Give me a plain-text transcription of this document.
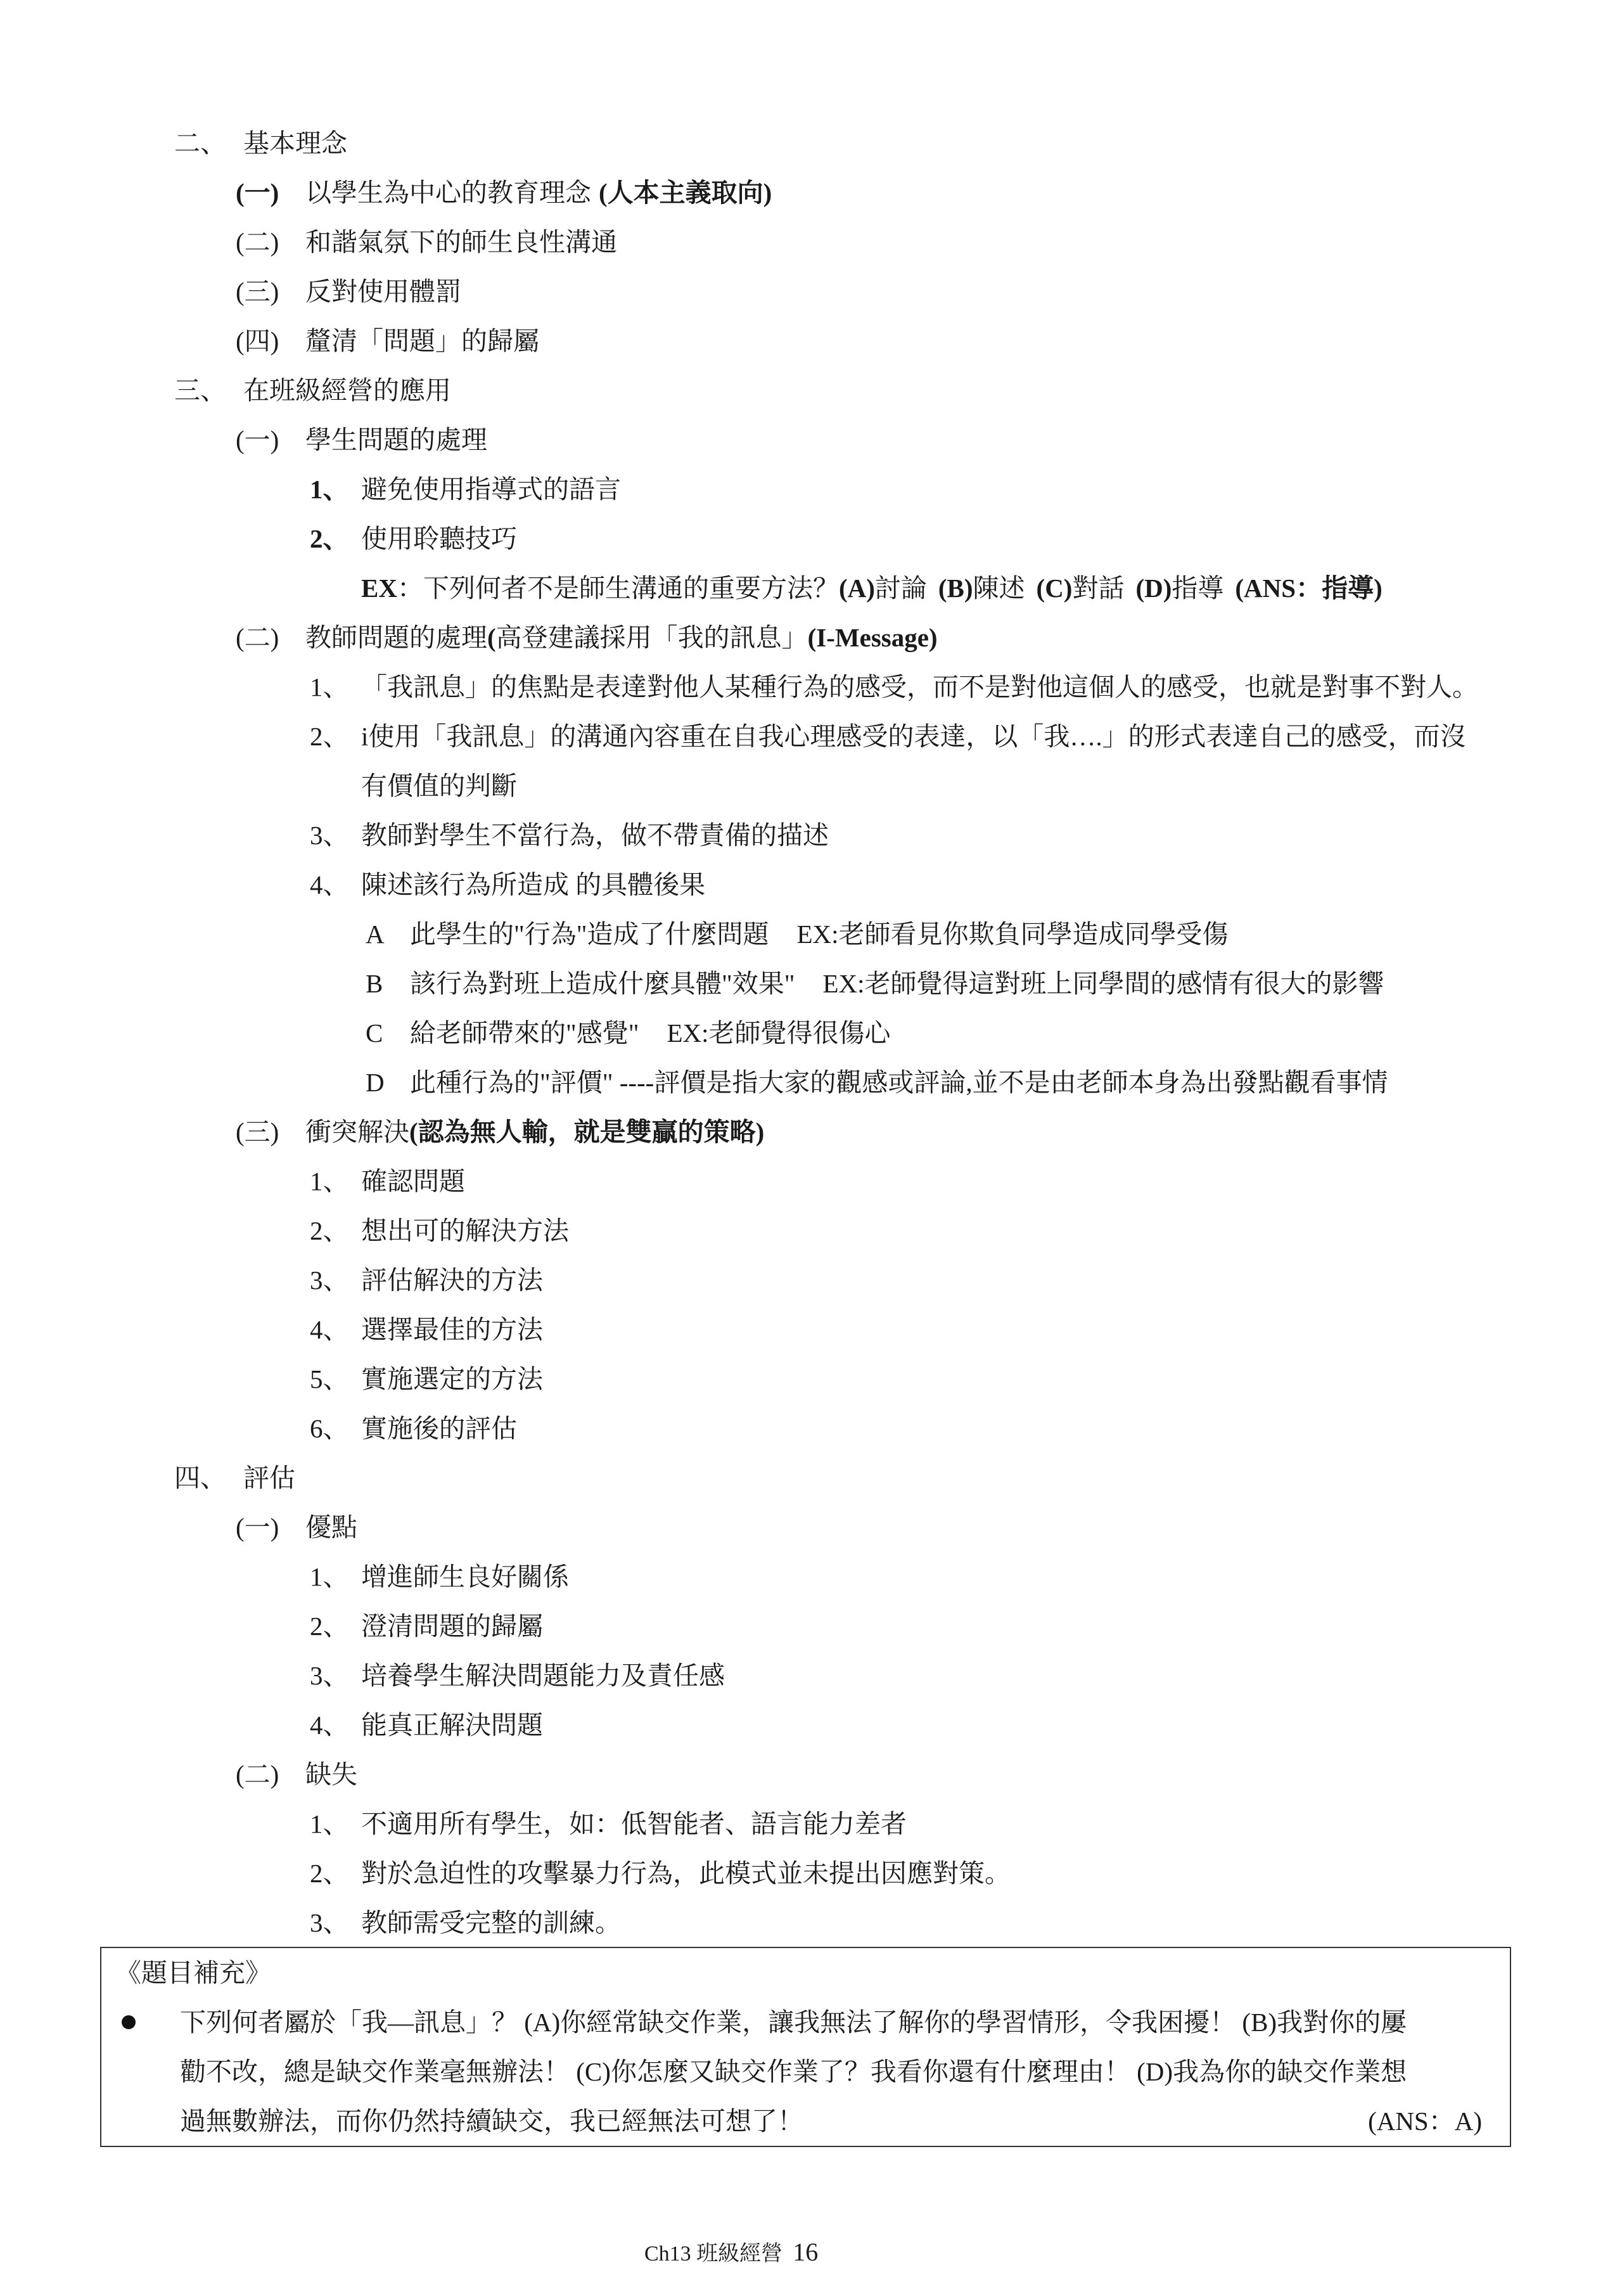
二、 基本理念
(一) 以學生為中心的教育理念 (人本主義取向)
(二) 和諧氣氛下的師生良性溝通
(三) 反對使用體罰
(四) 釐清「問題」的歸屬
三、 在班級經營的應用
(一) 學生問題的處理
1、 避免使用指導式的語言
2、 使用聆聽技巧
EX：下列何者不是師生溝通的重要方法？(A)討論 (B)陳述 (C)對話 (D)指導 (ANS：指導)
(二) 教師問題的處理(高登建議採用「我的訊息」(I-Message)
1、 「我訊息」的焦點是表達對他人某種行為的感受，而不是對他這個人的感受，也就是對事不對人。
2、 i使用「我訊息」的溝通內容重在自我心理感受的表達，以「我….」的形式表達自己的感受，而沒
有價值的判斷
3、 教師對學生不當行為，做不帶責備的描述
4、 陳述該行為所造成 的具體後果
A 此學生的"行為"造成了什麼問題 EX:老師看見你欺負同學造成同學受傷
B 該行為對班上造成什麼具體"效果" EX:老師覺得這對班上同學間的感情有很大的影響
C 給老師帶來的"感覺" EX:老師覺得很傷心
D 此種行為的"評價" ----評價是指大家的觀感或評論,並不是由老師本身為出發點觀看事情
(三) 衝突解決(認為無人輸，就是雙贏的策略)
1、 確認問題
2、 想出可的解決方法
3、 評估解決的方法
4、 選擇最佳的方法
5、 實施選定的方法
6、 實施後的評估
四、 評估
(一) 優點
1、 增進師生良好關係
2、 澄清問題的歸屬
3、 培養學生解決問題能力及責任感
4、 能真正解決問題
(二) 缺失
1、 不適用所有學生，如：低智能者、語言能力差者
2、 對於急迫性的攻擊暴力行為，此模式並未提出因應對策。
3、 教師需受完整的訓練。
《題目補充》
下列何者屬於「我—訊息」？ (A)你經常缺交作業，讓我無法了解你的學習情形，令我困擾！ (B)我對你的屢
勸不改，總是缺交作業毫無辦法！ (C)你怎麼又缺交作業了？我看你還有什麼理由！ (D)我為你的缺交作業想
過無數辦法，而你仍然持續缺交，我已經無法可想了！	(ANS：A)
Ch13 班級經營 16
